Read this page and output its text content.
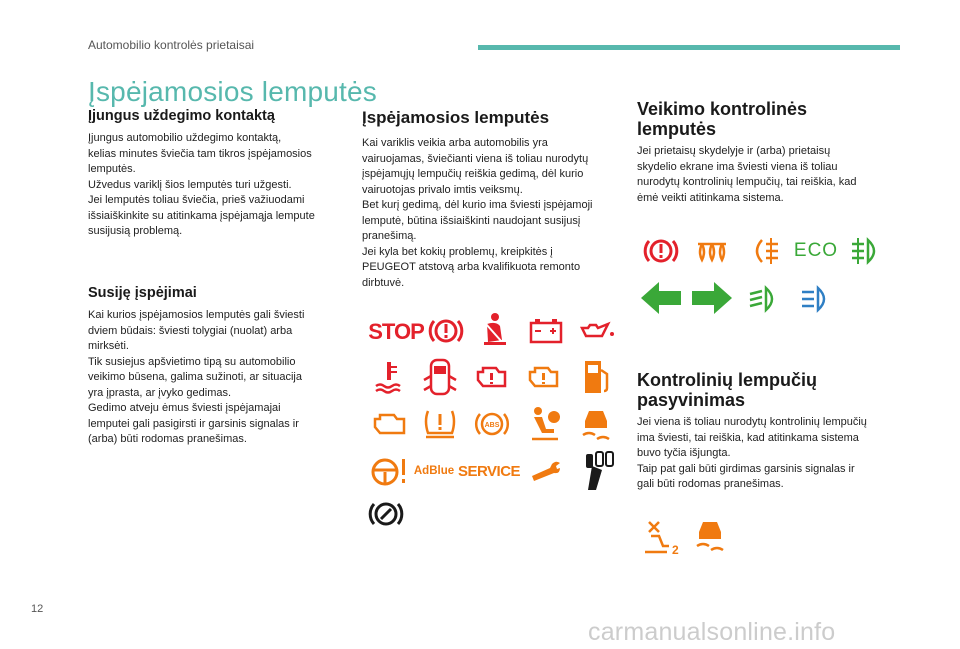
Automobilio kontrolės prietaisai
Įspėjamosios lemputės
Įjungus uždegimo kontaktą

Įjungus automobilio uždegimo kontaktą,
kelias minutes šviečia tam tikros įspėjamosios
lemputės.
Užvedus variklį šios lemputės turi užgesti.
Jei lemputės toliau šviečia, prieš važiuodami
išsiaiškinkite su atitinkama įspėjamąja lempute
susijusią problemą.

Susiję įspėjimai

Kai kurios įspėjamosios lemputės gali šviesti
dviem būdais: šviesti tolygiai (nuolat) arba
mirksėti.
Tik susiejus apšvietimo tipą su automobilio
veikimo būsena, galima sužinoti, ar situacija
yra įprasta, ar įvyko gedimas.
Gedimo atveju ėmus šviesti įspėjamajai
lemputei gali pasigirsti ir garsinis signalas ir
(arba) būti rodomas pranešimas.

Įspėjamosios lemputės

Kai variklis veikia arba automobilis yra
vairuojamas, šviečianti viena iš toliau nurodytų
įspėjamųjų lempučių reiškia gedimą, dėl kurio
vairuotojas privalo imtis veiksmų.
Bet kurį gedimą, dėl kurio ima šviesti įspėjamoji
lemputė, būtina išsiaiškinti naudojant susijusį
pranešimą.
Jei kyla bet kokių problemų, kreipkitės į
PEUGEOT atstovą arba kvalifikuota remonto
dirbtuvė.

STOP
ABS
AdBlue SERVICE
Veikimo kontrolinės
lemputės

Jei prietaisų skydelyje ir (arba) prietaisų
skydelio ekrane ima šviesti viena iš toliau
nurodytų kontrolinių lempučių, tai reiškia, kad
ėmė veikti atitinkama sistema.

ECO
Kontrolinių lempučių
pasyvinimas

Jei viena iš toliau nurodytų kontrolinių lempučių
ima šviesti, tai reiškia, kad atitinkama sistema
buvo tyčia išjungta.
Taip pat gali būti girdimas garsinis signalas ir
gali būti rodomas pranešimas.

2
12
carmanualsonline.info
